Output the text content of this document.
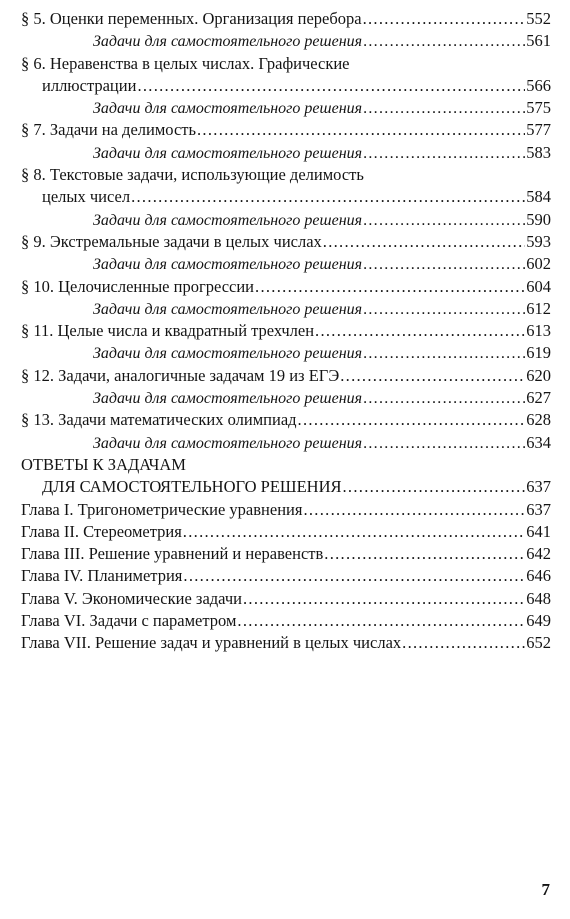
§ 5. Оценки переменных. Организация перебора .....	552
Задачи для самостоятельного решения .....	561
§ 6. Неравенства в целых числах. Графические
иллюстрации .....	566
Задачи для самостоятельного решения .....	575
§ 7. Задачи на делимость .....	577
Задачи для самостоятельного решения .....	583
§ 8. Текстовые задачи, использующие делимость
целых чисел .....	584
Задачи для самостоятельного решения .....	590
§ 9. Экстремальные задачи в целых числах .....	593
Задачи для самостоятельного решения .....	602
§ 10. Целочисленные прогрессии .....	604
Задачи для самостоятельного решения .....	612
§ 11. Целые числа и квадратный трехчлен .....	613
Задачи для самостоятельного решения .....	619
§ 12. Задачи, аналогичные задачам 19 из ЕГЭ .....	620
Задачи для самостоятельного решения .....	627
§ 13. Задачи математических олимпиад .....	628
Задачи для самостоятельного решения .....	634
ОТВЕТЫ К ЗАДАЧАМ
ДЛЯ САМОСТОЯТЕЛЬНОГО РЕШЕНИЯ .....	637
Глава I. Тригонометрические уравнения .....	637
Глава II. Стереометрия .....	641
Глава III. Решение уравнений и неравенств .....	642
Глава IV. Планиметрия .....	646
Глава V. Экономические задачи .....	648
Глава VI. Задачи с параметром .....	649
Глава VII. Решение задач и уравнений в целых числах .....	652
7
